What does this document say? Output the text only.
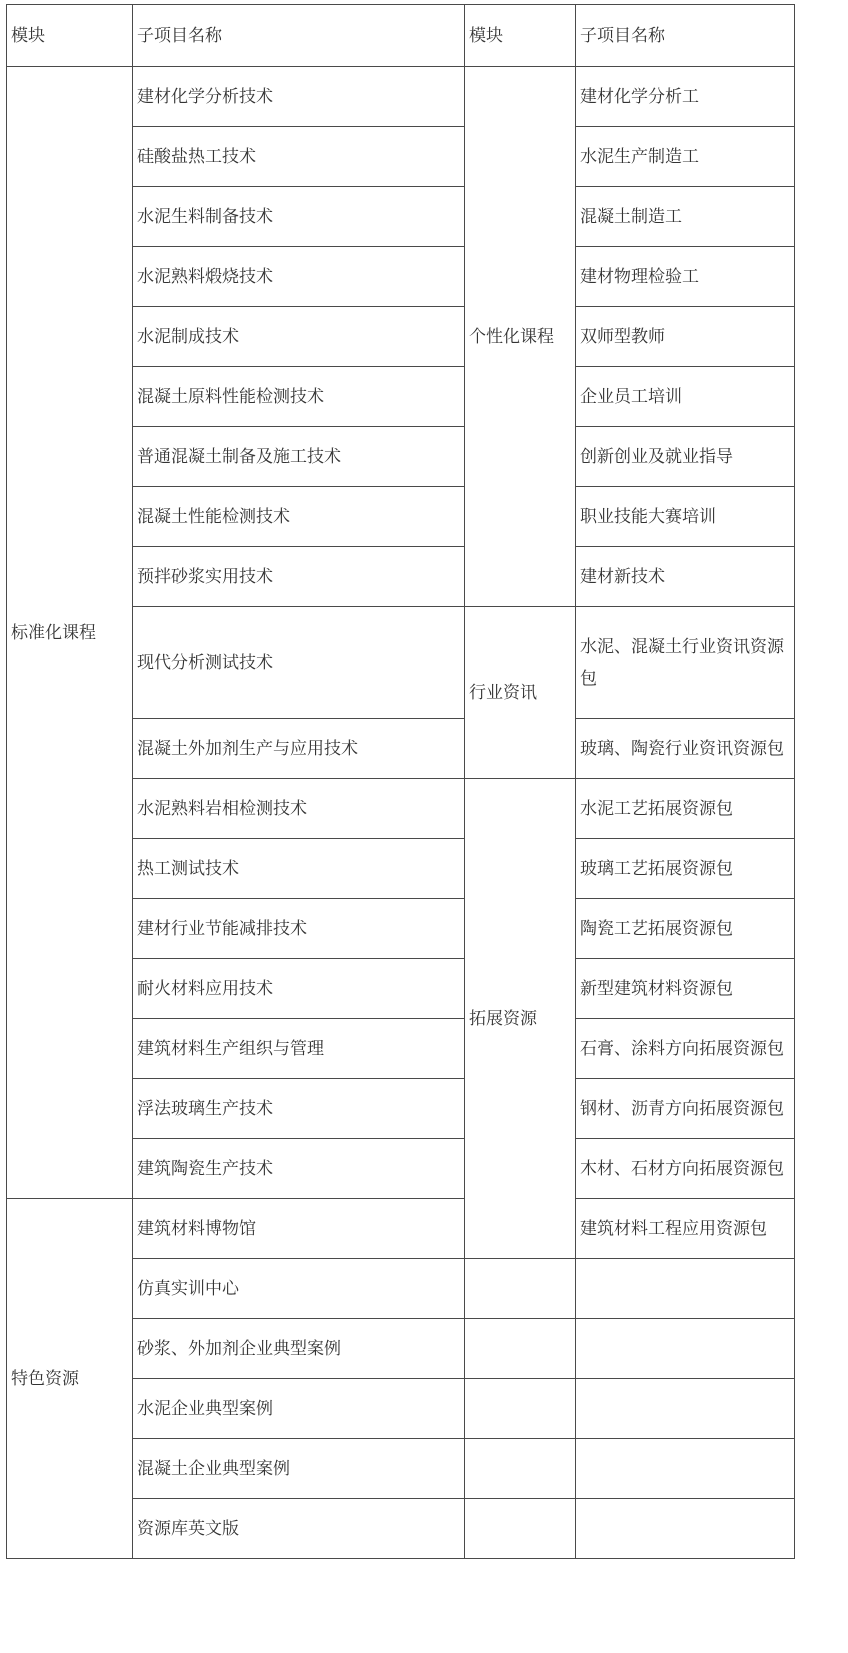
模块	子项目名称	模块	子项目名称
标准化课程	建材化学分析技术	个性化课程	建材化学分析工
	硅酸盐热工技术		水泥生产制造工
	水泥生料制备技术		混凝土制造工
	水泥熟料煅烧技术		建材物理检验工
	水泥制成技术		双师型教师
	混凝土原料性能检测技术		企业员工培训
	普通混凝土制备及施工技术		创新创业及就业指导
	混凝土性能检测技术		职业技能大赛培训
	预拌砂浆实用技术		建材新技术
	现代分析测试技术	行业资讯	水泥、混凝土行业资讯资源包
	混凝土外加剂生产与应用技术		玻璃、陶瓷行业资讯资源包
	水泥熟料岩相检测技术	拓展资源	水泥工艺拓展资源包
	热工测试技术		玻璃工艺拓展资源包
	建材行业节能减排技术		陶瓷工艺拓展资源包
	耐火材料应用技术		新型建筑材料资源包
	建筑材料生产组织与管理		石膏、涂料方向拓展资源包
	浮法玻璃生产技术		钢材、沥青方向拓展资源包
	建筑陶瓷生产技术		木材、石材方向拓展资源包
特色资源	建筑材料博物馆		建筑材料工程应用资源包
	仿真实训中心		
	砂浆、外加剂企业典型案例		
	水泥企业典型案例		
	混凝土企业典型案例		
	资源库英文版		
